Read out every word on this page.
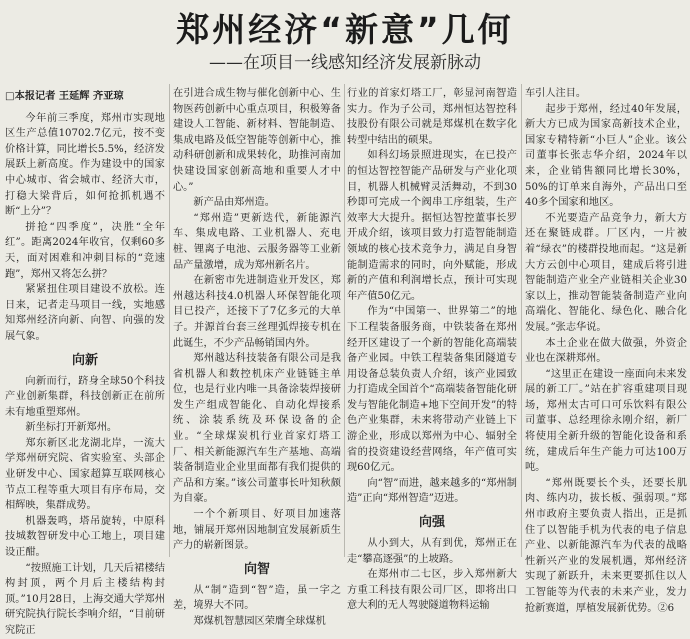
郑州经济“新意”几何
——在项目一线感知经济发展新脉动
□本报记者 王延辉 齐亚琼

今年前三季度，郑州市实现地区生产总值10702.7亿元，按不变价格计算，同比增长5.5%，经济发展跃上新高度。作为建设中的国家中心城市、省会城市、经济大市，打稳大梁背后，如何抢抓机遇不断“上分”？

拼抢“四季度”，决胜“全年红”。距离2024年收官，仅剩60多天，面对困难和冲刺目标的“竞速跑”，郑州又将怎么拼？

紧紧扭住项目建设不放松。连日来，记者走马项目一线，实地感知郑州经济向新、向智、向强的发展气象。

向新

向新而行，跻身全球50个科技产业创新集群，科技创新正在前所未有地重塑郑州。

新坐标打开新郑州。

郑东新区北龙湖北岸，一流大学郑州研究院、省实验室、头部企业研发中心、国家超算互联网核心节点工程等重大项目有序布局，交相辉映，集群成势。

机器轰鸣，塔吊旋转，中原科技城数智研发中心工地上，项目建设正酣。

“按照施工计划，几天后裙楼结构封顶，两个月后主楼结构封顶。”10月28日，上海交通大学郑州研究院执行院长李响介绍，“目前研究院正

在引进合成生物与催化创新中心、生物医药创新中心重点项目，积极筹备建设人工智能、新材料、智能制造、集成电路及低空智能等创新中心，推动科研创新和成果转化，助推河南加快建设国家创新高地和重要人才中心。”

新产品由郑州造。

“郑州造”更新迭代，新能源汽车、集成电路、工业机器人、充电桩、锂离子电池、云服务器等工业新品产量激增，成为郑州新名片。

在新密市先进制造业开发区，郑州越达科技4.0机器人环保智能化项目已投产，还接下了7亿多元的大单子。并源首台套三丝理弧焊接专机在此诞生，不少产品畅销国内外。

郑州越达科技装备有限公司是我省机器人和数控机床产业链链主单位，也是行业内唯一具备涂装焊接研发生产组成智能化、自动化焊接系统、涂装系统及环保设备的企业。“全球煤炭机行业首家灯塔工厂、相关新能源汽车生产基地、高端装备制造业企业里面都有我们提供的产品和方案。”该公司董事长叶知秋颇为自豪。

一个个新项目、好项目加速落地，铺展开郑州因地制宜发展新质生产力的崭新图景。

向智

从“制”造到“智”造，虽一字之差，境界大不同。

郑煤机智慧园区荣膺全球煤机

行业的首家灯塔工厂，彰显河南智造实力。作为子公司，郑州恒达智控科技股份有限公司就是郑煤机在数字化转型中结出的硕果。

如科幻场景照进现实，在已投产的恒达智控智能产品研发与产业化项目，机器人机械臂灵活舞动，不到30秒即可完成一个阀串工序组装，生产效率大大提升。据恒达智控董事长罗开成介绍，该项目致力打造智能制造领域的核心技术竞争力，满足自身智能制造需求的同时，向外赋能，形成新的产值和利润增长点，预计可实现年产值50亿元。

作为“中国第一、世界第二”的地下工程装备服务商，中铁装备在郑州经开区建设了一个新的智能化高端装备产业园。中铁工程装备集团隧道专用设备总装负责人介绍，该产业园致力打造成全国首个“高端装备智能化研发与智能化制造+地下空间开发”的特色产业集群，未来将带动产业链上下游企业，形成以郑州为中心、辐射全省的投资建设经营网络，年产值可实现60亿元。

向“智”而进，越来越多的“郑州制造”正向“郑州智造”迈进。

向强

从小到大，从有到优，郑州正在走“攀高逐强”的上坡路。

在郑州市二七区，步入郑州新大方重工科技有限公司厂区，即将出口意大利的无人驾驶隧道物料运输

车引人注目。

起步于郑州，经过40年发展，新大方已成为国家高新技术企业，国家专精特新“小巨人”企业。该公司董事长张志华介绍，2024年以来，企业销售额同比增长30%，50%的订单来自海外，产品出口至40多个国家和地区。

不光要造产品竞争力，新大方还在聚链成群。厂区内，一片被着“绿衣”的楼群投地而起。“这是新大方云创中心项目，建成后将引进智能制造产业全产业链相关企业30家以上，推动智能装备制造产业向高端化、智能化、绿色化、融合化发展。”张志华说。

本土企业在做大做强，外资企业也在深耕郑州。

“这里正在建设一座面向未来发展的新工厂。”站在扩容重建项目现场，郑州太古可口可乐饮料有限公司董事、总经理徐永刚介绍，新厂将使用全新升级的智能化设备和系统，建成后年生产能力可达100万吨。

“郑州既要长个头，还要长肌肉、练内功，拔长板、强弱项。”郑州市政府主要负责人指出，正是抓住了以智能手机为代表的电子信息产业、以新能源汽车为代表的战略性新兴产业的发展机遇，郑州经济实现了新跃升，未来更要抓住以人工智能等为代表的未来产业，发力抢新赛道，厚植发展新优势。②6
